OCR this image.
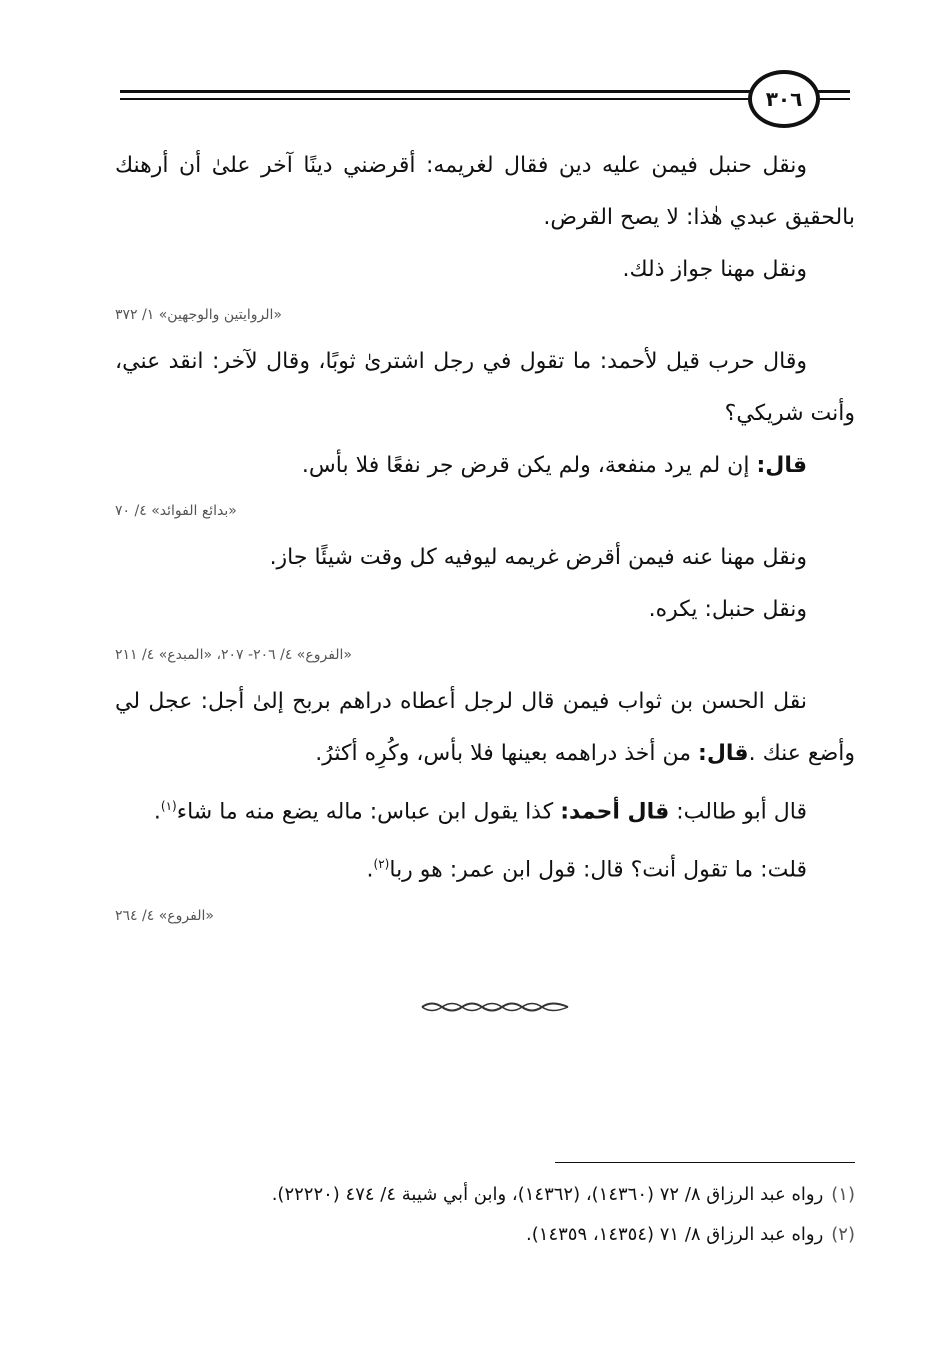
٣٠٦

ونقل حنبل فيمن عليه دين فقال لغريمه: أقرضني دينًا آخر علىٰ أن أرهنك بالحقيق عبدي هٰذا: لا يصح القرض.

ونقل مهنا جواز ذلك.

«الروايتين والوجهين» ١/ ٣٧٢

وقال حرب قيل لأحمد: ما تقول في رجل اشترىٰ ثوبًا، وقال لآخر: انقد عني، وأنت شريكي؟

قال: إن لم يرد منفعة، ولم يكن قرض جر نفعًا فلا بأس.

«بدائع الفوائد» ٤/ ٧٠

ونقل مهنا عنه فيمن أقرض غريمه ليوفيه كل وقت شيئًا جاز.

ونقل حنبل: يكره.

«الفروع» ٤/ ٢٠٦- ٢٠٧، «المبدع» ٤/ ٢١١

نقل الحسن بن ثواب فيمن قال لرجل أعطاه دراهم بربح إلىٰ أجل: عجل لي وأضع عنك .قال: من أخذ دراهمه بعينها فلا بأس، وكُرِه أكثرُ.

قال أبو طالب: قال أحمد: كذا يقول ابن عباس: ماله يضع منه ما شاء$^{(١)}$.

قلت: ما تقول أنت؟ قال: قول ابن عمر: هو ربا$^{(٢)}$.

«الفروع» ٤/ ٢٦٤
(١)رواه عبد الرزاق ٨/ ٧٢ (١٤٣٦٠)، (١٤٣٦٢)، وابن أبي شيبة ٤/ ٤٧٤ (٢٢٢٢٠).
(٢)رواه عبد الرزاق ٨/ ٧١ (١٤٣٥٤، ١٤٣٥٩).
